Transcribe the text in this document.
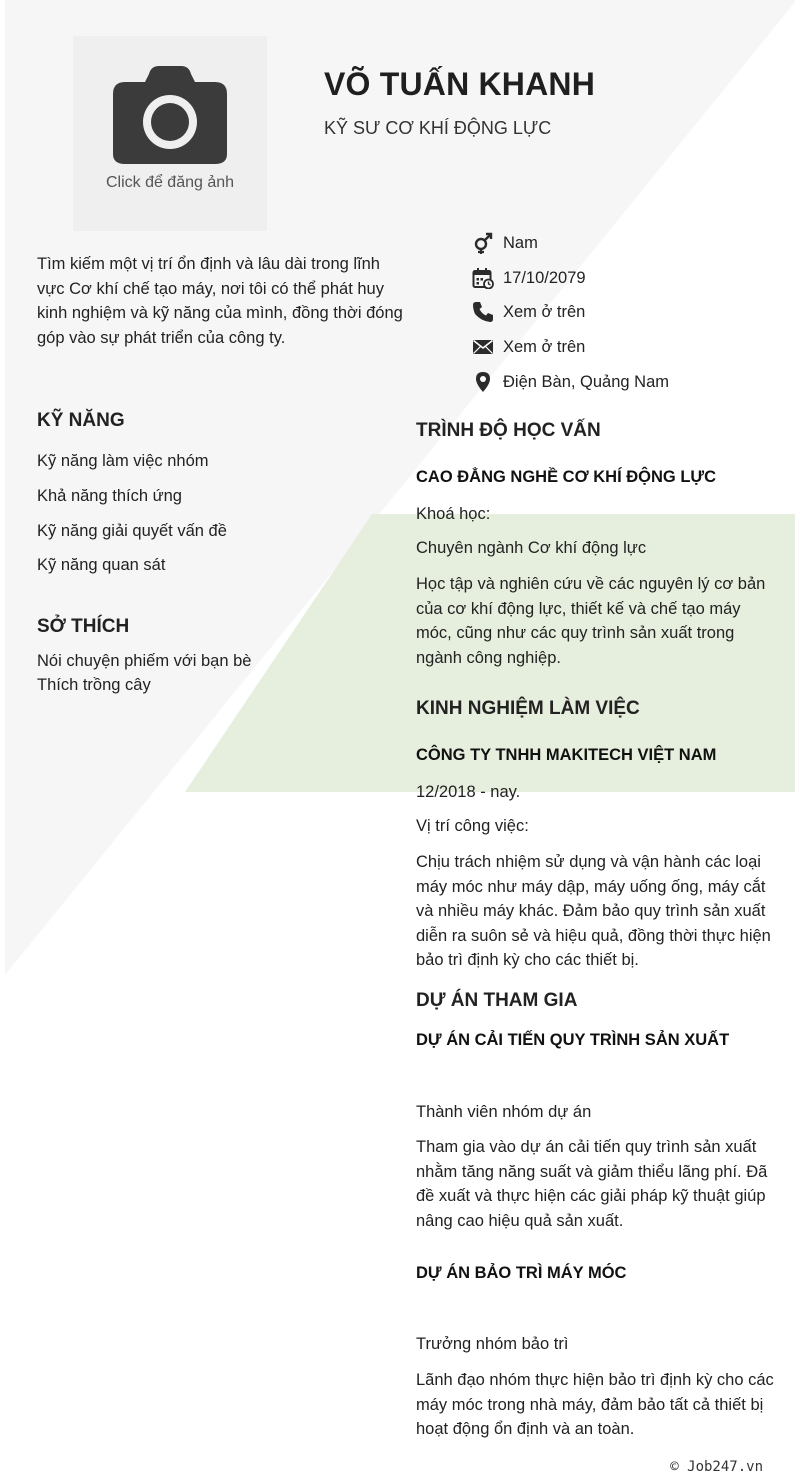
Click để đăng ảnh
VÕ TUẤN KHANH
KỸ SƯ CƠ KHÍ ĐỘNG LỰC
Tìm kiếm một vị trí ổn định và lâu dài trong lĩnh vực Cơ khí chế tạo máy, nơi tôi có thể phát huy kinh nghiệm và kỹ năng của mình, đồng thời đóng góp vào sự phát triển của công ty.
Nam
17/10/2079
Xem ở trên
Xem ở trên
Điện Bàn, Quảng Nam
KỸ NĂNG
Kỹ năng làm việc nhóm
Khả năng thích ứng
Kỹ năng giải quyết vấn đề
Kỹ năng quan sát
SỞ THÍCH
Nói chuyện phiếm với bạn bè
Thích trồng cây
TRÌNH ĐỘ HỌC VẤN
CAO ĐẲNG NGHỀ CƠ KHÍ ĐỘNG LỰC
Khoá học:
Chuyên ngành Cơ khí động lực
Học tập và nghiên cứu về các nguyên lý cơ bản của cơ khí động lực, thiết kế và chế tạo máy móc, cũng như các quy trình sản xuất trong ngành công nghiệp.
KINH NGHIỆM LÀM VIỆC
CÔNG TY TNHH MAKITECH VIỆT NAM
12/2018 - nay.
Vị trí công việc:
Chịu trách nhiệm sử dụng và vận hành các loại máy móc như máy dập, máy uống ống, máy cắt và nhiều máy khác. Đảm bảo quy trình sản xuất diễn ra suôn sẻ và hiệu quả, đồng thời thực hiện bảo trì định kỳ cho các thiết bị.
DỰ ÁN THAM GIA
DỰ ÁN CẢI TIẾN QUY TRÌNH SẢN XUẤT
Thành viên nhóm dự án
Tham gia vào dự án cải tiến quy trình sản xuất nhằm tăng năng suất và giảm thiểu lãng phí. Đã đề xuất và thực hiện các giải pháp kỹ thuật giúp nâng cao hiệu quả sản xuất.
DỰ ÁN BẢO TRÌ MÁY MÓC
Trưởng nhóm bảo trì
Lãnh đạo nhóm thực hiện bảo trì định kỳ cho các máy móc trong nhà máy, đảm bảo tất cả thiết bị hoạt động ổn định và an toàn.
© Job247.vn
